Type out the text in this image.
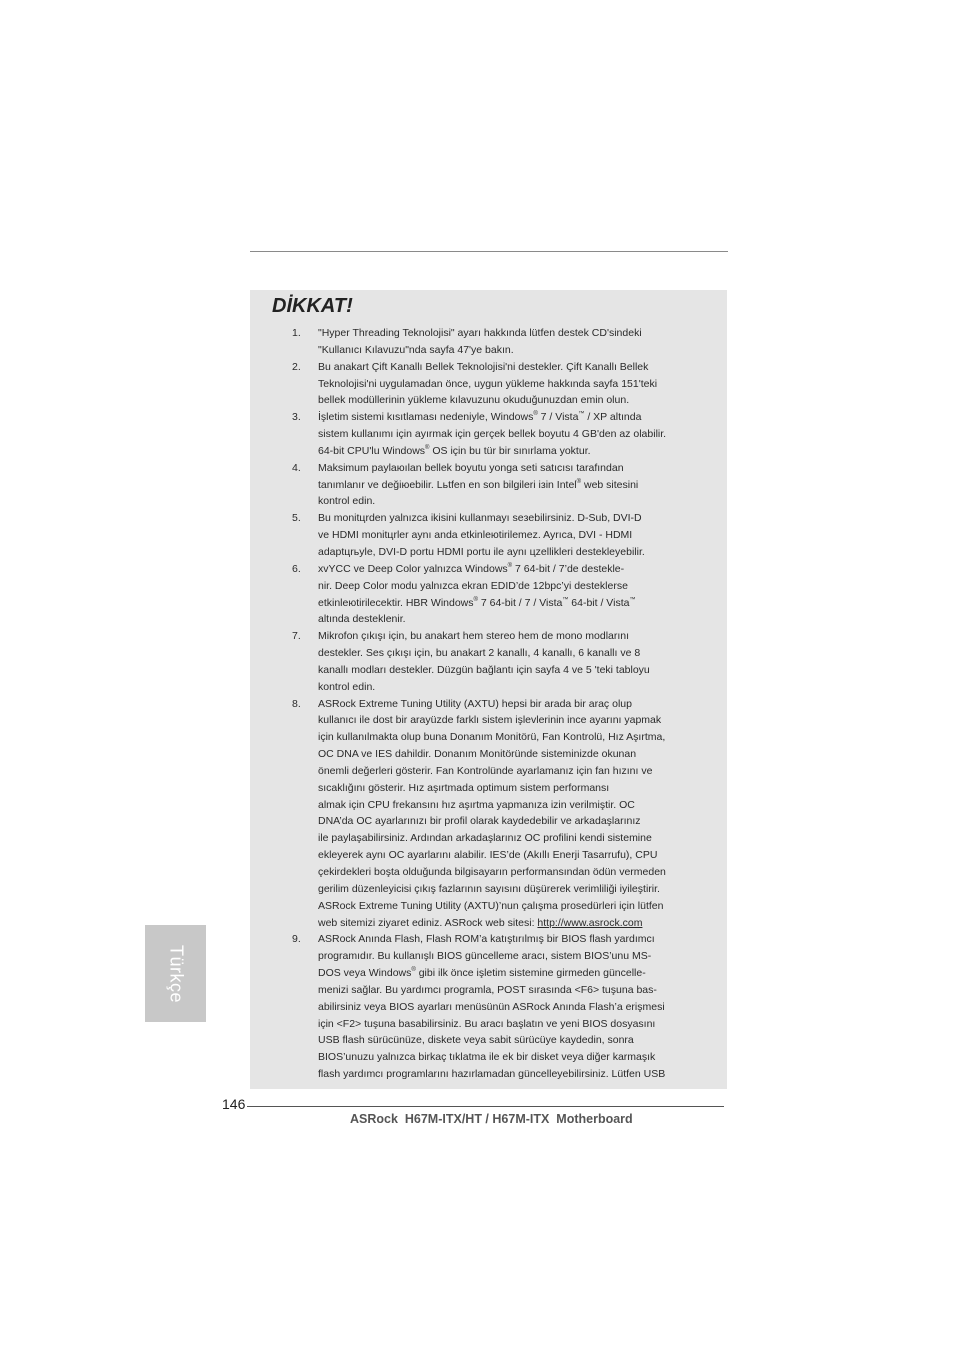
DİKKAT!
1. "Hyper Threading Teknolojisi" ayarı hakkında lütfen destek CD'sindeki
"Kullanıcı Kılavuzu"nda sayfa 47'ye bakın.
2. Bu anakart Çift Kanallı Bellek Teknolojisi'ni destekler. Çift Kanallı Bellek
Teknolojisi'ni uygulamadan önce, uygun yükleme hakkında sayfa 151'teki
bellek modüllerinin yükleme kılavuzunu okuduğunuzdan emin olun.
3. İşletim sistemi kısıtlaması nedeniyle, Windows® 7 / Vista™ / XP altında
sistem kullanımı için ayırmak için gerçek bellek boyutu 4 GB'den az olabilir.
64-bit CPU'lu Windows® OS için bu tür bir sınırlama yoktur.
4. Maksimum paylaюılan bellek boyutu yonga seti satıcısı tarafından
tanımlanır ve değiюebilir. Lьtfen en son bilgileri iзin Intel® web sitesini
kontrol edin.
5. Bu monitцrden yalnızca ikisini kullanmayı seзebilirsiniz. D-Sub, DVI-D
ve HDMI monitцrler aynı anda etkinleюtirilemez. Ayrıca, DVI - HDMI
adaptцrьyle, DVI-D portu HDMI portu ile aynı цzellikleri destekleyebilir.
6. xvYCC ve Deep Color yalnızca Windows® 7 64-bit / 7’de destekle-
nir. Deep Color modu yalnızca ekran EDID’de 12bpc’yi desteklerse
etkinleюtirilecektir. HBR Windows® 7 64-bit / 7 / Vista™ 64-bit / Vista™
altında desteklenir.
7. Mikrofon çıkışı için, bu anakart hem stereo hem de mono modlarını
destekler. Ses çıkışı için, bu anakart 2 kanallı, 4 kanallı, 6 kanallı ve 8
kanallı modları destekler. Düzgün bağlantı için sayfa 4 ve 5 'teki tabloyu
kontrol edin.
8. ASRock Extreme Tuning Utility (AXTU) hepsi bir arada bir araç olup
kullanıcı ile dost bir arayüzde farklı sistem işlevlerinin ince ayarını yapmak
için kullanılmakta olup buna Donanım Monitörü, Fan Kontrolü, Hız Aşırtma,
OC DNA ve IES dahildir. Donanım Monitöründe sisteminizde okunan
önemli değerleri gösterir. Fan Kontrolünde ayarlamanız için fan hızını ve
sıcaklığını gösterir. Hız aşırtmada optimum sistem performansı
almak için CPU frekansını hız aşırtma yapmanıza izin verilmiştir. OC
DNA’da OC ayarlarınızı bir profil olarak kaydedebilir ve arkadaşlarınız
ile paylaşabilirsiniz. Ardından arkadaşlarınız OC profilini kendi sistemine
ekleyerek aynı OC ayarlarını alabilir. IES’de (Akıllı Enerji Tasarrufu), CPU
çekirdekleri boşta olduğunda bilgisayarın performansından ödün vermeden
gerilim düzenleyicisi çıkış fazlarının sayısını düşürerek verimliliği iyileştirir.
ASRock Extreme Tuning Utility (AXTU)’nun çalışma prosedürleri için lütfen
web sitemizi ziyaret ediniz. ASRock web sitesi: http://www.asrock.com
9. ASRock Anında Flash, Flash ROM’a katıştırılmış bir BIOS flash yardımcı
programıdır. Bu kullanışlı BIOS güncelleme aracı, sistem BIOS’unu MS-
DOS veya Windows® gibi ilk önce işletim sistemine girmeden güncelle-
menizi sağlar. Bu yardımcı programla, POST sırasında <F6> tuşuna bas-
abilirsiniz veya BIOS ayarları menüsünün ASRock Anında Flash’a erişmesi
için <F2> tuşuna basabilirsiniz. Bu aracı başlatın ve yeni BIOS dosyasını
USB flash sürücünüze, diskete veya sabit sürücüye kaydedin, sonra
BIOS’unuzu yalnızca birkaç tıklatma ile ek bir disket veya diğer karmaşık
flash yardımcı programlarını hazırlamadan güncelleyebilirsiniz. Lütfen USB
Türkçe
146
ASRock  H67M-ITX/HT / H67M-ITX  Motherboard
